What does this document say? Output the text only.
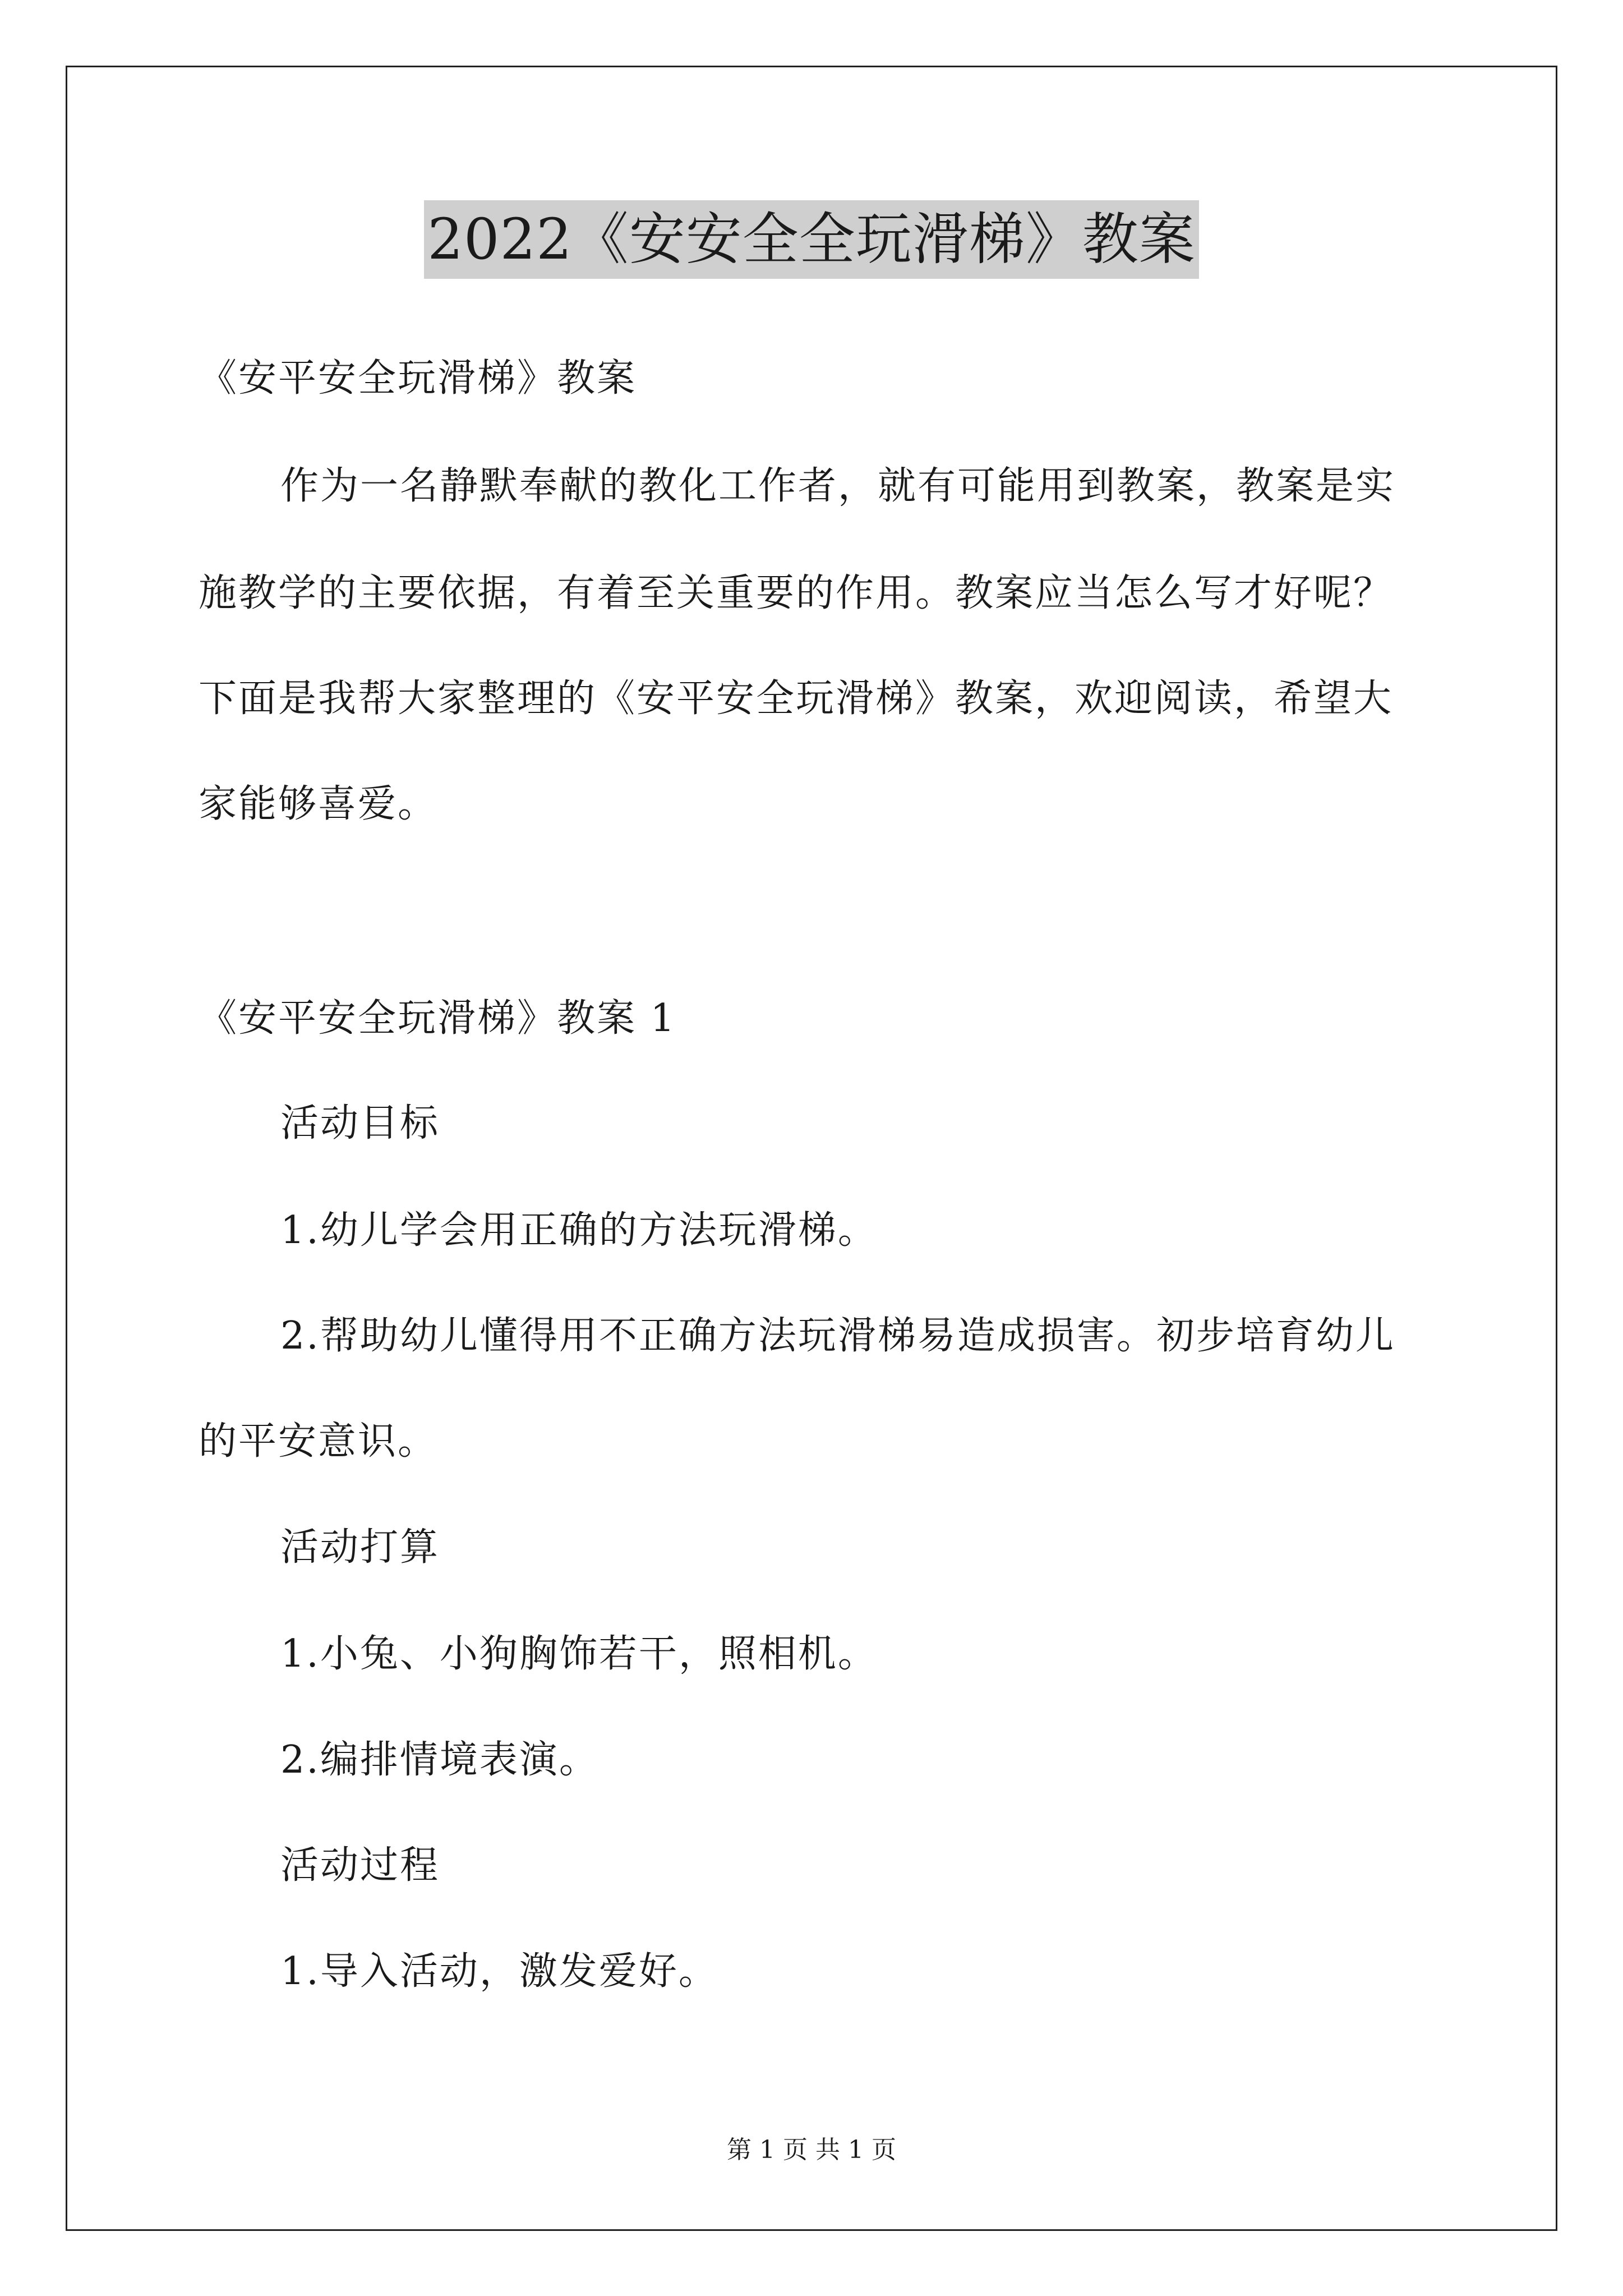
2022《安安全全玩滑梯》教案
《安平安全玩滑梯》教案
作为一名静默奉献的教化工作者，就有可能用到教案，教案是实
施教学的主要依据，有着至关重要的作用。教案应当怎么写才好呢？
下面是我帮大家整理的《安平安全玩滑梯》教案，欢迎阅读，希望大
家能够喜爱。
《安平安全玩滑梯》教案 1
活动目标
1.幼儿学会用正确的方法玩滑梯。
2.帮助幼儿懂得用不正确方法玩滑梯易造成损害。初步培育幼儿
的平安意识。
活动打算
1.小兔、小狗胸饰若干，照相机。
2.编排情境表演。
活动过程
1.导入活动，激发爱好。
第 1 页 共 1 页
